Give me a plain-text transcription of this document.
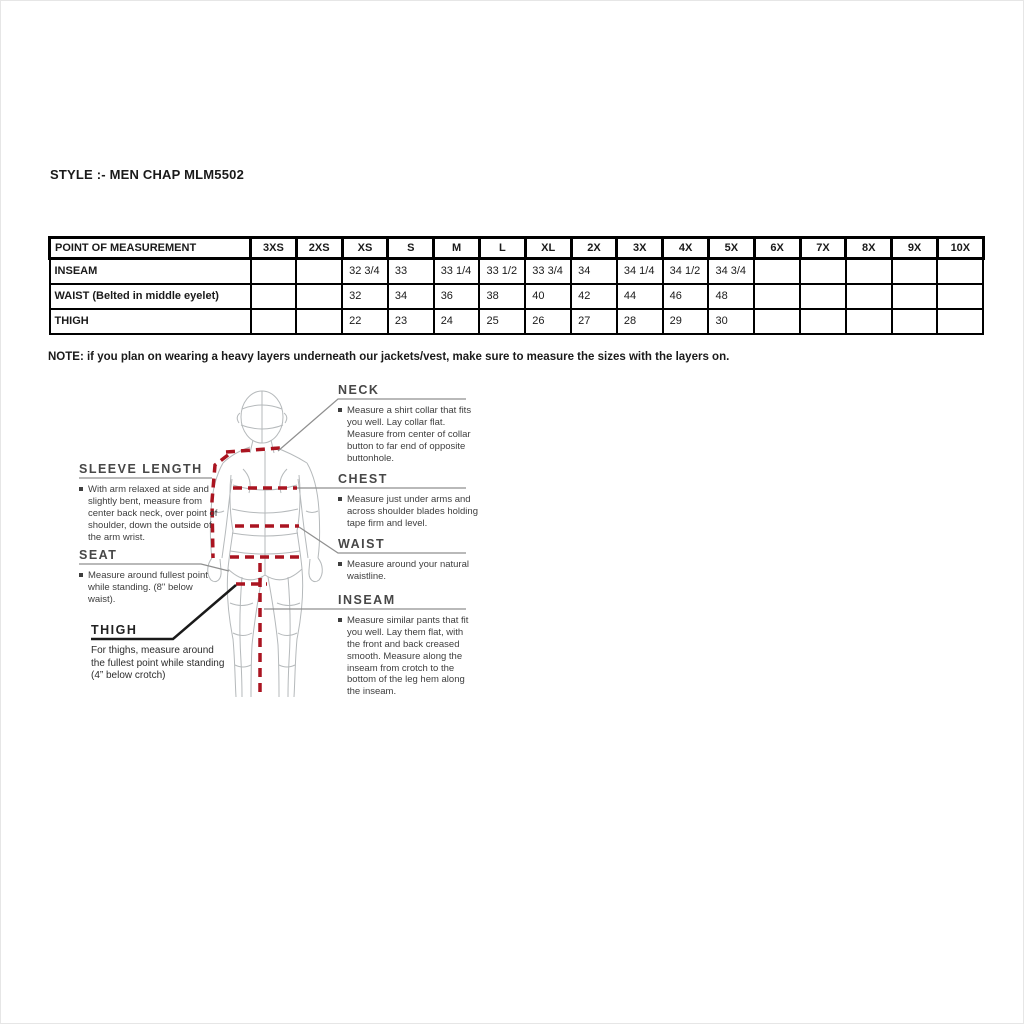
STYLE :- MEN CHAP MLM5502
POINT OF MEASUREMENT	3XS	2XS	XS	S	M	L	XL	2X	3X	4X	5X	6X	7X	8X	9X	10X
INSEAM			32 3/4	33	33 1/4	33 1/2	33 3/4	34	34 1/4	34 1/2	34 3/4					
WAIST (Belted in middle eyelet)			32	34	36	38	40	42	44	46	48					
THIGH			22	23	24	25	26	27	28	29	30					
NOTE: if you plan on wearing a heavy layers underneath our jackets/vest, make sure to measure the sizes with the layers on.
NECK
Measure a shirt collar that fits you well. Lay collar flat. Measure from center of collar button to far end of opposite buttonhole.
CHEST
Measure just under arms and across shoulder blades holding tape firm and level.
WAIST
Measure around your natural waistline.
INSEAM
Measure similar pants that fit you well. Lay them flat, with the front and back creased smooth. Measure along the inseam from crotch to the bottom of the leg hem along the inseam.
SLEEVE LENGTH
With arm relaxed at side and slightly bent, measure from center back neck, over point of shoulder, down the outside of the arm wrist.
SEAT
Measure around fullest point while standing. (8" below waist).
THIGH
For thighs, measure around the fullest point while standing (4” below crotch)
